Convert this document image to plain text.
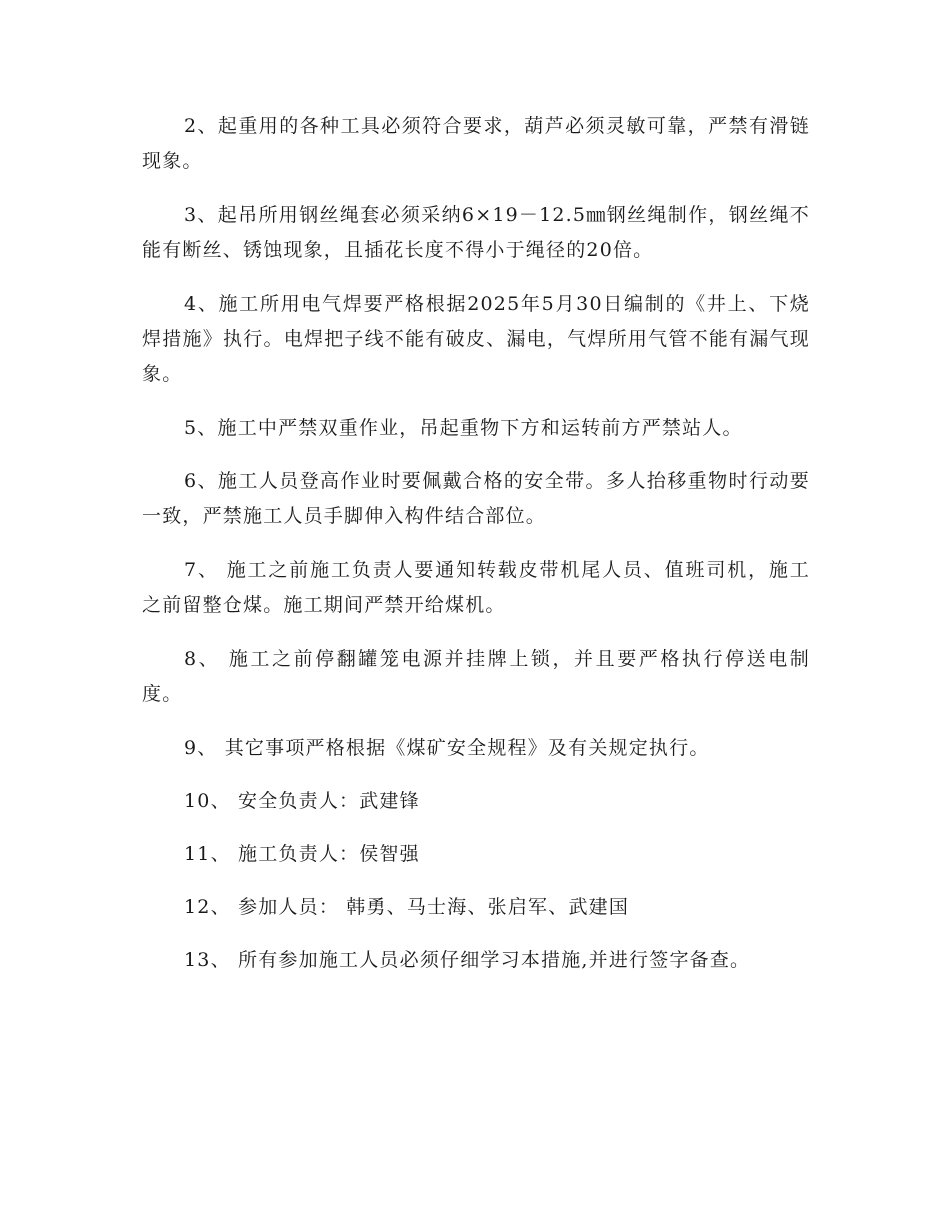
2、起重用的各种工具必须符合要求，葫芦必须灵敏可靠，严禁有滑链现象。

3、起吊所用钢丝绳套必须采纳6×19－12.5㎜钢丝绳制作，钢丝绳不能有断丝、锈蚀现象，且插花长度不得小于绳径的20倍。

4、施工所用电气焊要严格根据2025年5月30日编制的《井上、下烧焊措施》执行。电焊把子线不能有破皮、漏电，气焊所用气管不能有漏气现象。

5、施工中严禁双重作业，吊起重物下方和运转前方严禁站人。

6、施工人员登高作业时要佩戴合格的安全带。多人抬移重物时行动要一致，严禁施工人员手脚伸入构件结合部位。

7、 施工之前施工负责人要通知转载皮带机尾人员、值班司机，施工之前留整仓煤。施工期间严禁开给煤机。

8、 施工之前停翻罐笼电源并挂牌上锁，并且要严格执行停送电制度。

9、 其它事项严格根据《煤矿安全规程》及有关规定执行。

10、 安全负责人：武建锋

11、 施工负责人：侯智强

12、 参加人员： 韩勇、马士海、张启军、武建国

13、 所有参加施工人员必须仔细学习本措施,并进行签字备查。
